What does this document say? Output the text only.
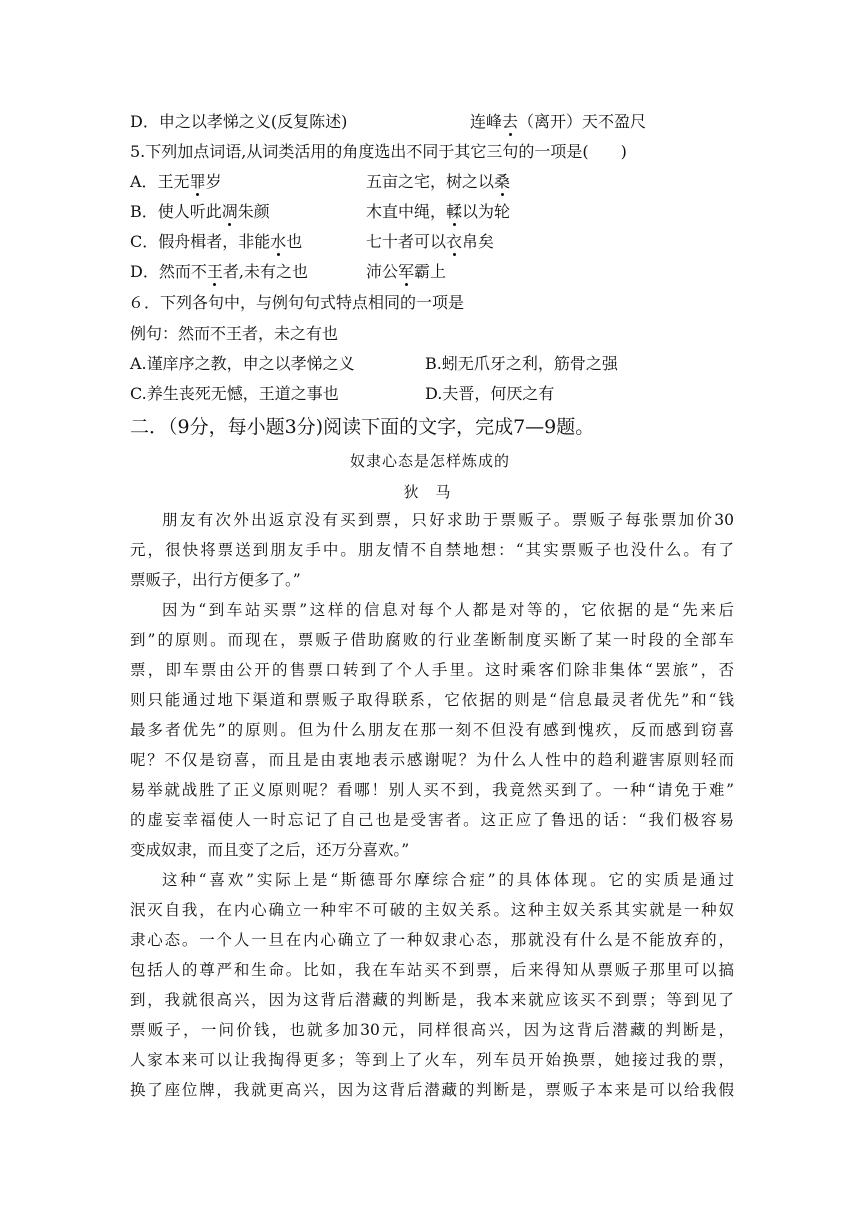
D．申之以孝悌之义(反复陈述)	连峰去（离开）天不盈尺
5.下列加点词语,从词类活用的角度选出不同于其它三句的一项是(　　)
A．王无罪岁	五亩之宅，树之以桑
B．使人听此凋朱颜	木直中绳，輮以为轮
C．假舟楫者，非能水也	七十者可以衣帛矣
D．然而不王者,未有之也	沛公军霸上
６．下列各句中，与例句句式特点相同的一项是
例句：然而不王者，未之有也
A.谨庠序之教，申之以孝悌之义	B.蚓无爪牙之利，筋骨之强
C.养生丧死无憾，王道之事也	D.夫晋，何厌之有
二．（9分，每小题3分)阅读下面的文字，完成7—9题。
奴隶心态是怎样炼成的
狄 马
朋友有次外出返京没有买到票，只好求助于票贩子。票贩子每张票加价30
元，很快将票送到朋友手中。朋友情不自禁地想：“其实票贩子也没什么。有了
票贩子，出行方便多了。”
因为“到车站买票”这样的信息对每个人都是对等的，它依据的是“先来后
到”的原则。而现在，票贩子借助腐败的行业垄断制度买断了某一时段的全部车
票，即车票由公开的售票口转到了个人手里。这时乘客们除非集体“罢旅”，否
则只能通过地下渠道和票贩子取得联系，它依据的则是“信息最灵者优先”和“钱
最多者优先”的原则。但为什么朋友在那一刻不但没有感到愧疚，反而感到窃喜
呢？不仅是窃喜，而且是由衷地表示感谢呢？为什么人性中的趋利避害原则轻而
易举就战胜了正义原则呢？看哪！别人买不到，我竟然买到了。一种“请免于难”
的虚妄幸福使人一时忘记了自己也是受害者。这正应了鲁迅的话：“我们极容易
变成奴隶，而且变了之后，还万分喜欢。”
这种“喜欢”实际上是“斯德哥尔摩综合症”的具体体现。它的实质是通过
泯灭自我，在内心确立一种牢不可破的主奴关系。这种主奴关系其实就是一种奴
隶心态。一个人一旦在内心确立了一种奴隶心态，那就没有什么是不能放弃的，
包括人的尊严和生命。比如，我在车站买不到票，后来得知从票贩子那里可以搞
到，我就很高兴，因为这背后潜藏的判断是，我本来就应该买不到票；等到见了
票贩子，一问价钱，也就多加30元，同样很高兴，因为这背后潜藏的判断是，
人家本来可以让我掏得更多；等到上了火车，列车员开始换票，她接过我的票，
换了座位牌，我就更高兴，因为这背后潜藏的判断是，票贩子本来是可以给我假
